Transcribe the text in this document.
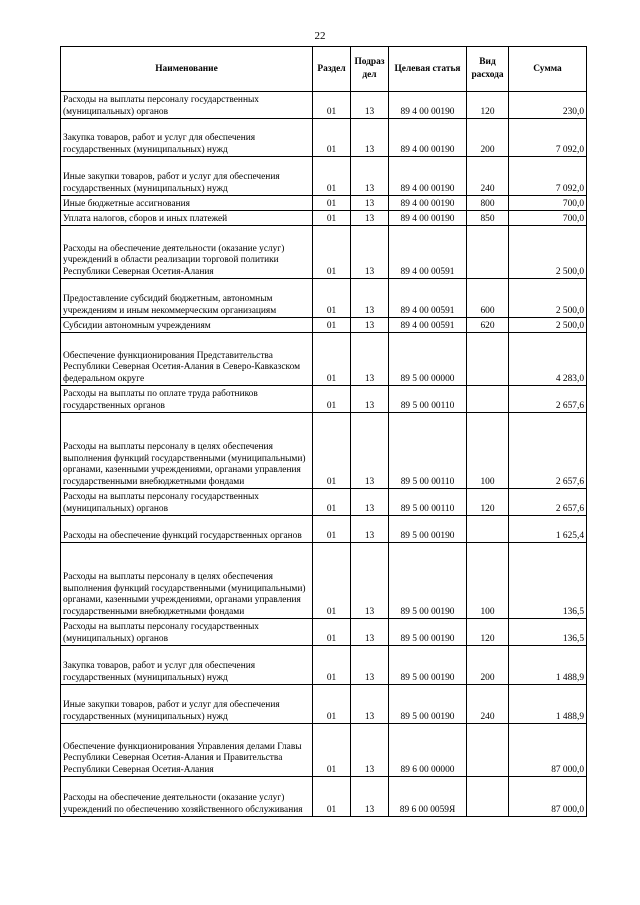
22
Наименование	Раздел	Подраз дел	Целевая статья	Вид расхода	Сумма
Расходы на выплаты персоналу государственных (муниципальных) органов	01	13	89 4 00 00190	120	230,0
Закупка товаров, работ и услуг для обеспечения государственных (муниципальных) нужд	01	13	89 4 00 00190	200	7 092,0
Иные закупки товаров, работ и услуг для обеспечения государственных (муниципальных) нужд	01	13	89 4 00 00190	240	7 092,0
Иные бюджетные ассигнования	01	13	89 4 00 00190	800	700,0
Уплата налогов, сборов и иных платежей	01	13	89 4 00 00190	850	700,0
Расходы на обеспечение деятельности (оказание услуг) учреждений в области реализации торговой политики Республики Северная Осетия-Алания	01	13	89 4 00 00591		2 500,0
Предоставление субсидий бюджетным, автономным учреждениям и иным некоммерческим организациям	01	13	89 4 00 00591	600	2 500,0
Субсидии автономным учреждениям	01	13	89 4 00 00591	620	2 500,0
Обеспечение функционирования Представительства Республики Северная Осетия-Алания в Северо-Кавказском федеральном округе	01	13	89 5 00 00000		4 283,0
Расходы на выплаты по оплате труда работников государственных органов	01	13	89 5 00 00110		2 657,6
Расходы на выплаты персоналу в целях обеспечения выполнения функций государственными (муниципальными) органами, казенными учреждениями, органами управления государственными внебюджетными фондами	01	13	89 5 00 00110	100	2 657,6
Расходы на выплаты персоналу государственных (муниципальных) органов	01	13	89 5 00 00110	120	2 657,6
Расходы на обеспечение функций государственных органов	01	13	89 5 00 00190		1 625,4
Расходы на выплаты персоналу в целях обеспечения выполнения функций государственными (муниципальными) органами, казенными учреждениями, органами управления государственными внебюджетными фондами	01	13	89 5 00 00190	100	136,5
Расходы на выплаты персоналу государственных (муниципальных) органов	01	13	89 5 00 00190	120	136,5
Закупка товаров, работ и услуг для обеспечения государственных (муниципальных) нужд	01	13	89 5 00 00190	200	1 488,9
Иные закупки товаров, работ и услуг для обеспечения государственных (муниципальных) нужд	01	13	89 5 00 00190	240	1 488,9
Обеспечение функционирования Управления делами Главы Республики Северная Осетия-Алания и Правительства Республики Северная Осетия-Алания	01	13	89 6 00 00000		87 000,0
Расходы на обеспечение деятельности (оказание услуг) учреждений по обеспечению хозяйственного обслуживания	01	13	89 6 00 0059Я		87 000,0
